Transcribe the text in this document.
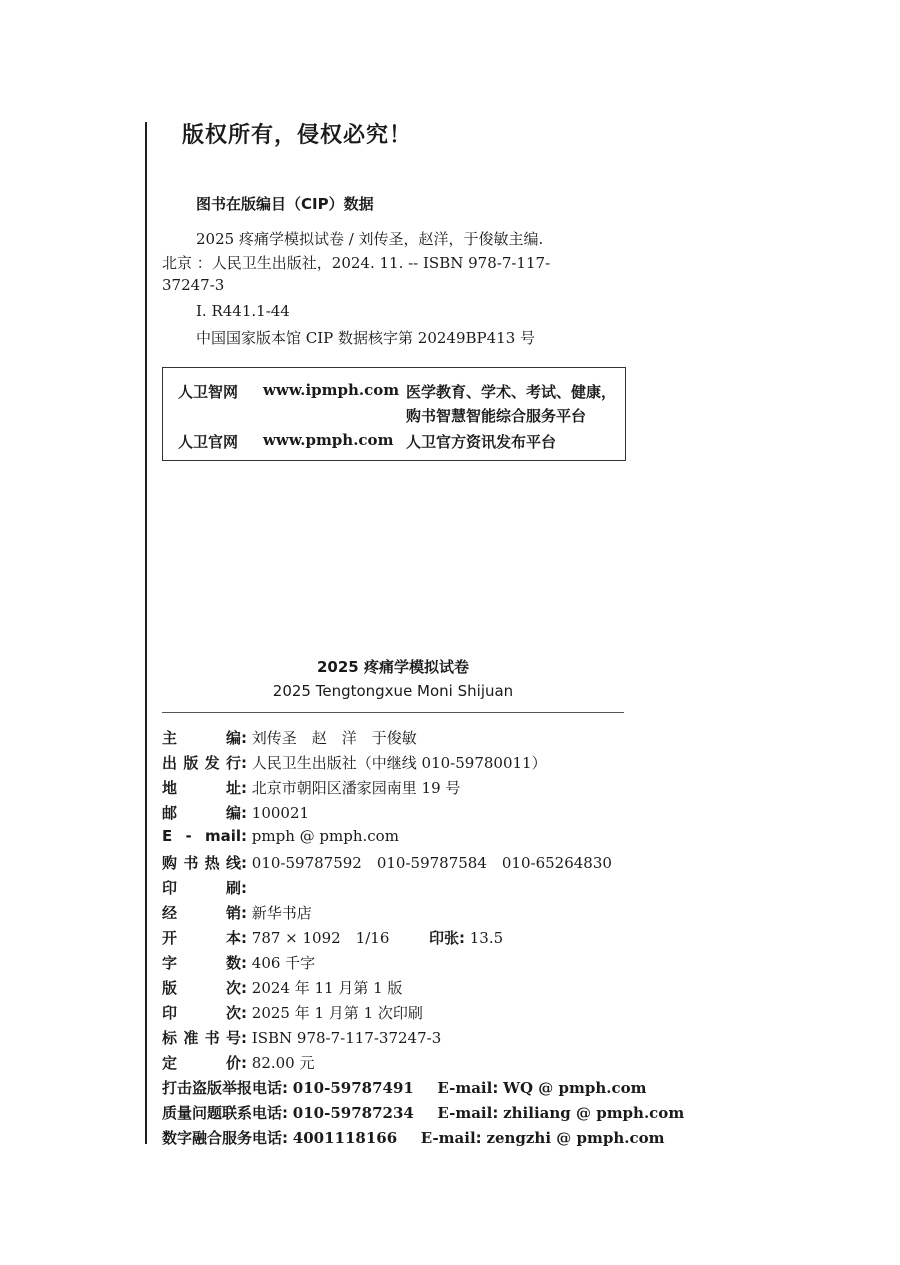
版权所有，侵权必究！
图书在版编目（CIP）数据
2025 疼痛学模拟试卷 / 刘传圣，赵洋，于俊敏主编.
北京 ：人民卫生出版社，2024. 11. -- ISBN 978-7-117-
37247-3
Ⅰ. R441.1-44
中国国家版本馆 CIP 数据核字第 20249BP413 号
人卫智网 www.ipmph.com 医学教育、学术、考试、健康，
购书智慧智能综合服务平台
人卫官网 www.pmph.com 人卫官方资讯发布平台
2025 疼痛学模拟试卷
2025 Tengtongxue Moni Shijuan
主编: 刘传圣　赵　洋　于俊敏
出版发行: 人民卫生出版社（中继线 010-59780011）
地址: 北京市朝阳区潘家园南里 19 号
邮编: 100021
E - mail: pmph @ pmph.com
购书热线: 010-59787592　010-59787584　010-65264830
印刷:
经销: 新华书店
开本: 787 × 1092　1/16	印张: 13.5
字数: 406 千字
版次: 2024 年 11 月第 1 版
印次: 2025 年 1 月第 1 次印刷
标准书号: ISBN 978-7-117-37247-3
定价: 82.00 元
打击盗版举报电话: 010-59787491 E-mail: WQ @ pmph.com
质量问题联系电话: 010-59787234 E-mail: zhiliang @ pmph.com
数字融合服务电话: 4001118166 E-mail: zengzhi @ pmph.com
